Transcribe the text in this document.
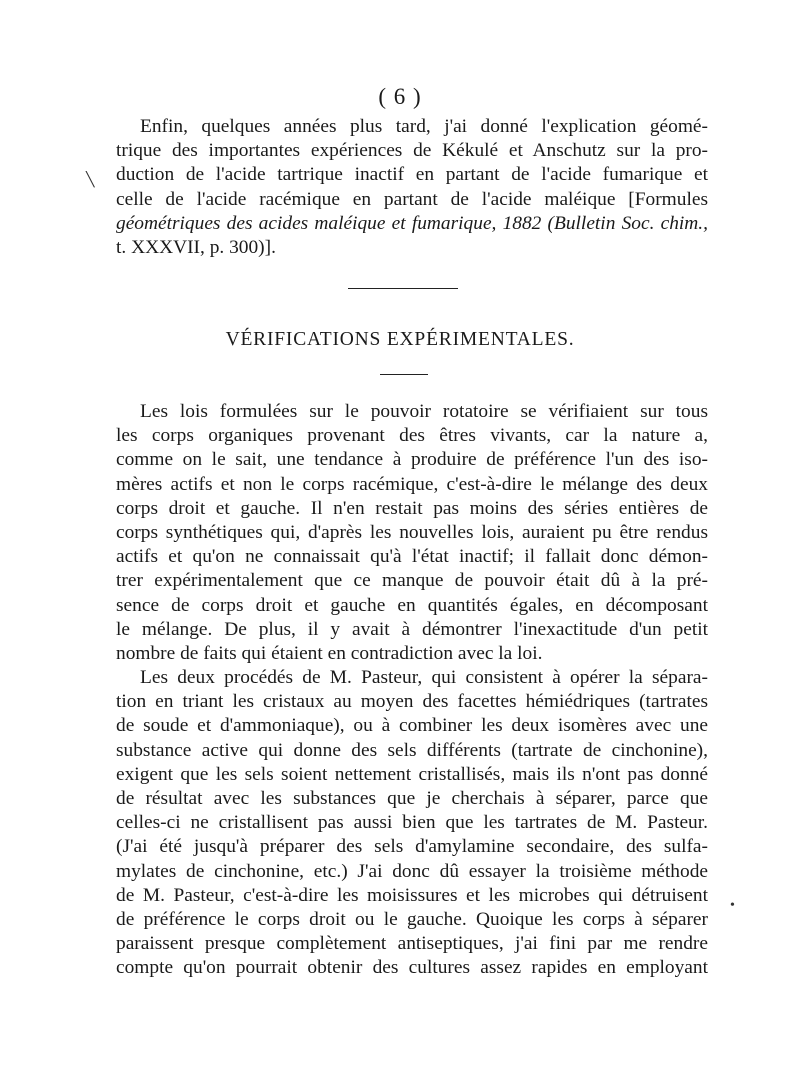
( 6 )
Enfin, quelques années plus tard, j'ai donné l'explication géomé-
trique des importantes expériences de Kékulé et Anschutz sur la pro-
duction de l'acide tartrique inactif en partant de l'acide fumarique et
celle de l'acide racémique en partant de l'acide maléique [Formules
géométriques des acides maléique et fumarique, 1882 (Bulletin Soc. chim.,
t. XXXVII, p. 300)].
VÉRIFICATIONS EXPÉRIMENTALES.
Les lois formulées sur le pouvoir rotatoire se vérifiaient sur tous
les corps organiques provenant des êtres vivants, car la nature a,
comme on le sait, une tendance à produire de préférence l'un des iso-
mères actifs et non le corps racémique, c'est-à-dire le mélange des deux
corps droit et gauche. Il n'en restait pas moins des séries entières de
corps synthétiques qui, d'après les nouvelles lois, auraient pu être rendus
actifs et qu'on ne connaissait qu'à l'état inactif; il fallait donc démon-
trer expérimentalement que ce manque de pouvoir était dû à la pré-
sence de corps droit et gauche en quantités égales, en décomposant
le mélange. De plus, il y avait à démontrer l'inexactitude d'un petit
nombre de faits qui étaient en contradiction avec la loi.
Les deux procédés de M. Pasteur, qui consistent à opérer la sépara-
tion en triant les cristaux au moyen des facettes hémiédriques (tartrates
de soude et d'ammoniaque), ou à combiner les deux isomères avec une
substance active qui donne des sels différents (tartrate de cinchonine),
exigent que les sels soient nettement cristallisés, mais ils n'ont pas donné
de résultat avec les substances que je cherchais à séparer, parce que
celles-ci ne cristallisent pas aussi bien que les tartrates de M. Pasteur.
(J'ai été jusqu'à préparer des sels d'amylamine secondaire, des sulfa-
mylates de cinchonine, etc.) J'ai donc dû essayer la troisième méthode
de M. Pasteur, c'est-à-dire les moisissures et les microbes qui détruisent
de préférence le corps droit ou le gauche. Quoique les corps à séparer
paraissent presque complètement antiseptiques, j'ai fini par me rendre
compte qu'on pourrait obtenir des cultures assez rapides en employant
╲
•
